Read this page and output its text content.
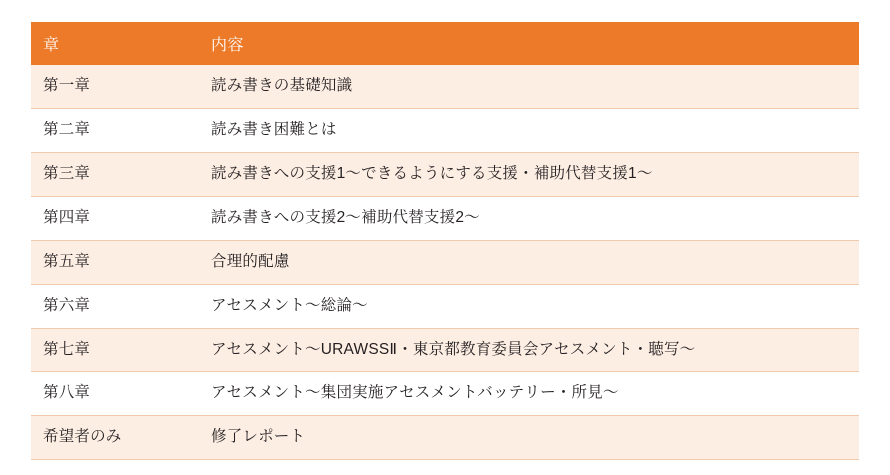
章	内容
第一章	読み書きの基礎知識
第二章	読み書き困難とは
第三章	読み書きへの支援1～できるようにする支援・補助代替支援1～
第四章	読み書きへの支援2～補助代替支援2～
第五章	合理的配慮
第六章	アセスメント～総論～
第七章	アセスメント～URAWSSⅡ・東京都教育委員会アセスメント・聴写～
第八章	アセスメント～集団実施アセスメントバッテリー・所見～
希望者のみ	修了レポート
